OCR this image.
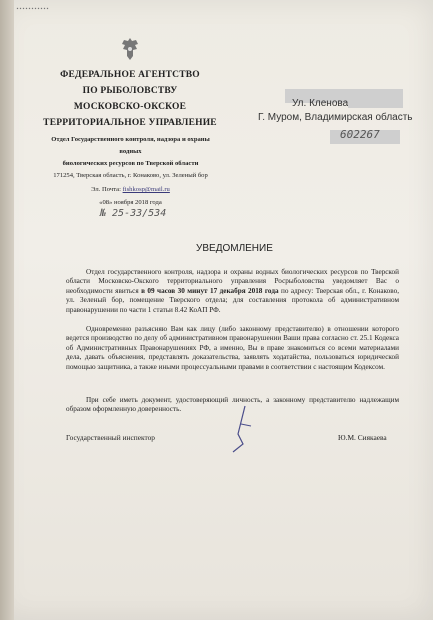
▪▪▪▪▪▪▪▪▪▪▪
ФЕДЕРАЛЬНОЕ АГЕНТСТВО
ПО РЫБОЛОВСТВУ
МОСКОВСКО-ОКСКОЕ
ТЕРРИТОРИАЛЬНОЕ УПРАВЛЕНИЕ
Отдел Государственного контроля, надзора и охраны
водных
биологических ресурсов по Тверской области
171254, Тверская область, г. Конаково, ул. Зеленый бор
Эл. Почта: fishkosp@mail.ru
«08» ноября 2018 года
№ 25-33/534
Ул. Кленова
Г. Муром, Владимирская область
602267
УВЕДОМЛЕНИЕ
Отдел государственного контроля, надзора и охраны водных биологических ресурсов по Тверской области Московско-Окского территориального управления Росрыболовства уведомляет Вас о необходимости явиться в 09 часов 30 минут 17 декабря 2018 года по адресу: Тверская обл., г. Конаково, ул. Зеленый бор, помещение Тверского отдела; для составления протокола об административном правонарушении по части 1 статьи 8.42 КоАП РФ.
Одновременно разъясняю Вам как лицу (либо законному представителю) в отношении которого ведется производство по делу об административном правонарушении Ваши права согласно ст. 25.1 Кодекса об Административных Правонарушениях РФ, а именно, Вы в праве знакомиться со всеми материалами дела, давать объяснения, представлять доказательства, заявлять ходатайства, пользоваться юридической помощью защитника, а также иными процессуальными правами в соответствии с настоящим Кодексом.
При себе иметь документ, удостоверяющий личность, а законному представителю надлежащим образом оформленную доверенность.
Государственный инспектор	Ю.М. Сиякаева
